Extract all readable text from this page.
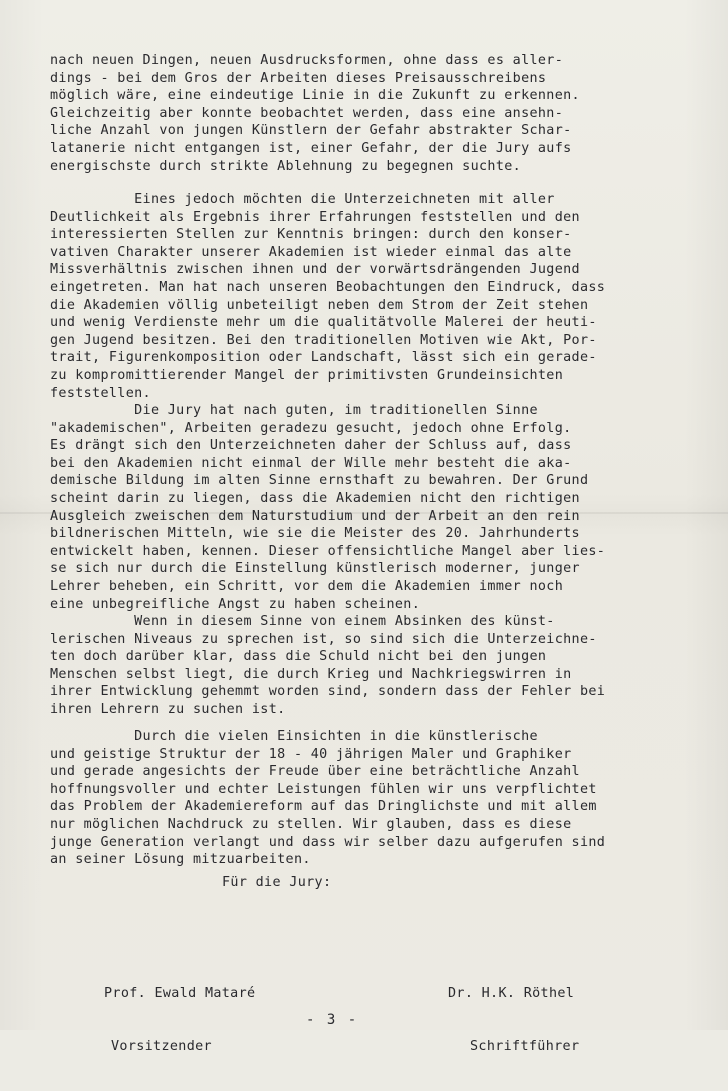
nach neuen Dingen, neuen Ausdrucksformen, ohne dass es aller-
dings - bei dem Gros der Arbeiten dieses Preisausschreibens
möglich wäre, eine eindeutige Linie in die Zukunft zu erkennen.
Gleichzeitig aber konnte beobachtet werden, dass eine ansehn-
liche Anzahl von jungen Künstlern der Gefahr abstrakter Schar-
latanerie nicht entgangen ist, einer Gefahr, der die Jury aufs
energischste durch strikte Ablehnung zu begegnen suchte.
Eines jedoch möchten die Unterzeichneten mit aller
Deutlichkeit als Ergebnis ihrer Erfahrungen feststellen und den
interessierten Stellen zur Kenntnis bringen: durch den konser-
vativen Charakter unserer Akademien ist wieder einmal das alte
Missverhältnis zwischen ihnen und der vorwärtsdrängenden Jugend
eingetreten. Man hat nach unseren Beobachtungen den Eindruck, dass
die Akademien völlig unbeteiligt neben dem Strom der Zeit stehen
und wenig Verdienste mehr um die qualitätvolle Malerei der heuti-
gen Jugend besitzen. Bei den traditionellen Motiven wie Akt, Por-
trait, Figurenkomposition oder Landschaft, lässt sich ein gerade-
zu kompromittierender Mangel der primitivsten Grundeinsichten
feststellen.
Die Jury hat nach guten, im traditionellen Sinne
"akademischen", Arbeiten geradezu gesucht, jedoch ohne Erfolg.
Es drängt sich den Unterzeichneten daher der Schluss auf, dass
bei den Akademien nicht einmal der Wille mehr besteht die aka-
demische Bildung im alten Sinne ernsthaft zu bewahren. Der Grund
scheint darin zu liegen, dass die Akademien nicht den richtigen
Ausgleich zweischen dem Naturstudium und der Arbeit an den rein
bildnerischen Mitteln, wie sie die Meister des 20. Jahrhunderts
entwickelt haben, kennen. Dieser offensichtliche Mangel aber lies-
se sich nur durch die Einstellung künstlerisch moderner, junger
Lehrer beheben, ein Schritt, vor dem die Akademien immer noch
eine unbegreifliche Angst zu haben scheinen.
Wenn in diesem Sinne von einem Absinken des künst-
lerischen Niveaus zu sprechen ist, so sind sich die Unterzeichne-
ten doch darüber klar, dass die Schuld nicht bei den jungen
Menschen selbst liegt, die durch Krieg und Nachkriegswirren in
ihrer Entwicklung gehemmt worden sind, sondern dass der Fehler bei
ihren Lehrern zu suchen ist.
Durch die vielen Einsichten in die künstlerische
und geistige Struktur der 18 - 40 jährigen Maler und Graphiker
und gerade angesichts der Freude über eine beträchtliche Anzahl
hoffnungsvoller und echter Leistungen fühlen wir uns verpflichtet
das Problem der Akademiereform auf das Dringlichste und mit allem
nur möglichen Nachdruck zu stellen. Wir glauben, dass es diese
junge Generation verlangt und dass wir selber dazu aufgerufen sind
an seiner Lösung mitzuarbeiten.
Für die Jury:

Prof. Ewald Mataré

Vorsitzender

Dr. H.K. Röthel

Schriftführer

- 3 -
